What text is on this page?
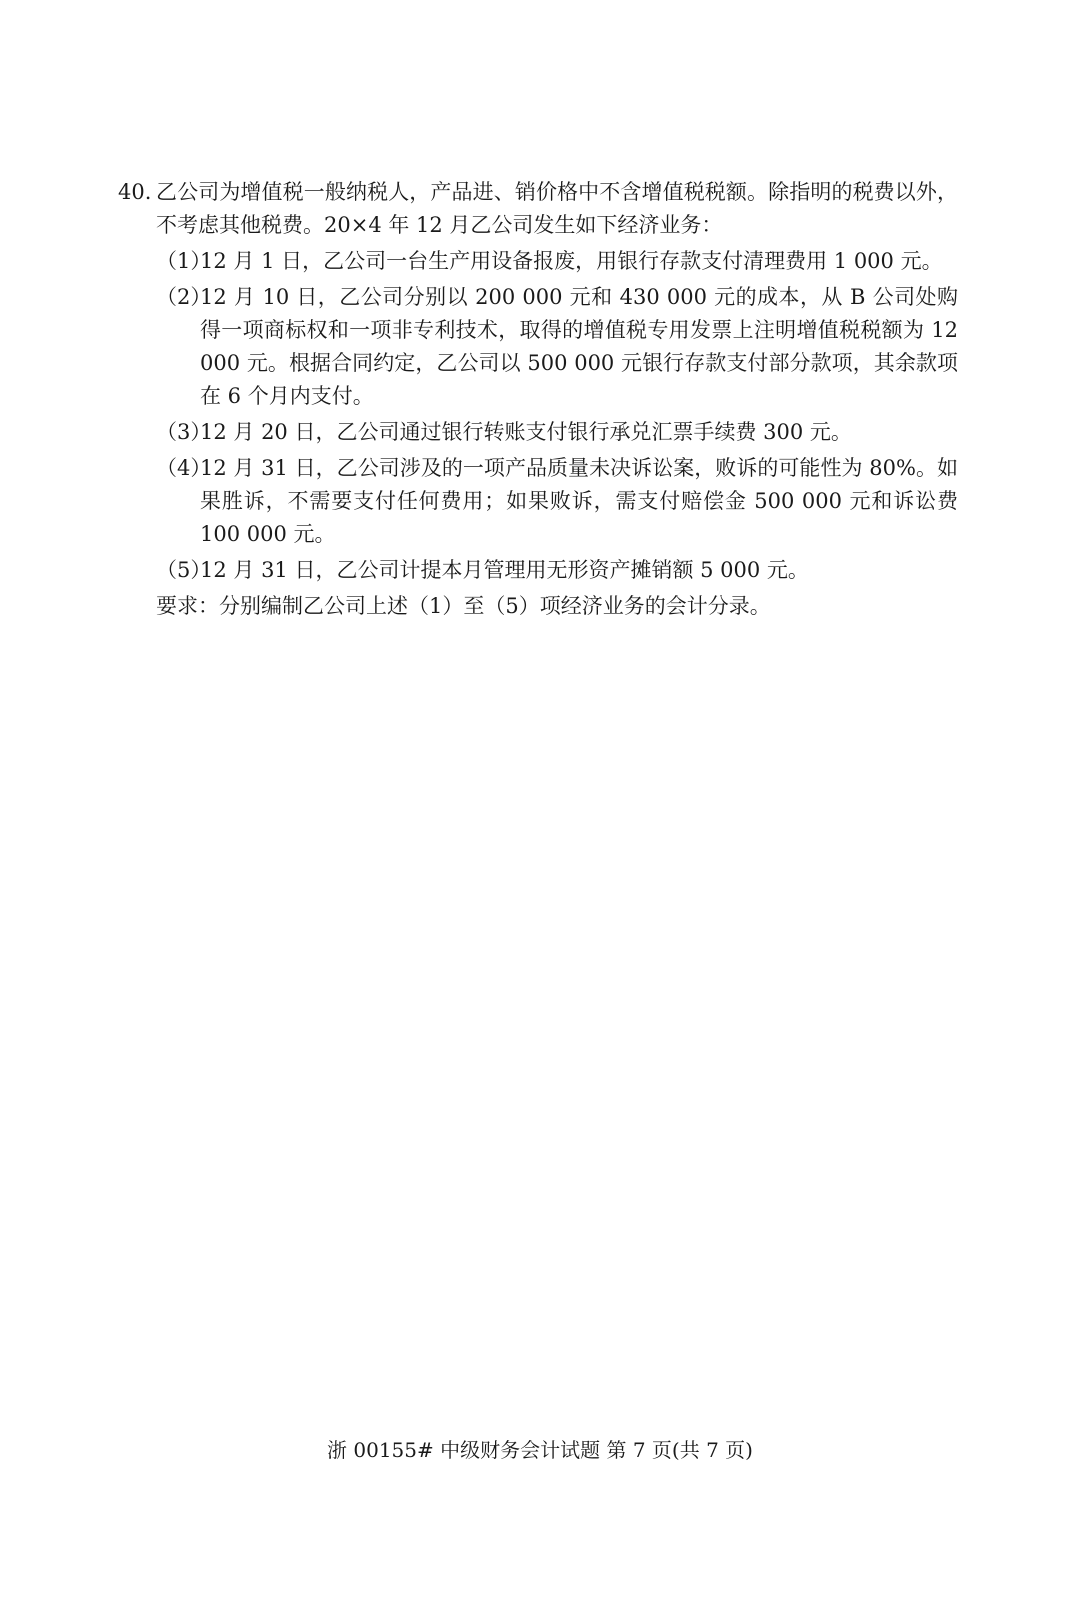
40. 乙公司为增值税一般纳税人，产品进、销价格中不含增值税税额。除指明的税费以外，不考虑其他税费。20×4 年 12 月乙公司发生如下经济业务：
（1）
12 月 1 日，乙公司一台生产用设备报废，用银行存款支付清理费用 1 000 元。
（2）
12 月 10 日，乙公司分别以 200 000 元和 430 000 元的成本，从 B 公司处购得一项商标权和一项非专利技术，取得的增值税专用发票上注明增值税税额为 12 000 元。根据合同约定，乙公司以 500 000 元银行存款支付部分款项，其余款项在 6 个月内支付。
（3）
12 月 20 日，乙公司通过银行转账支付银行承兑汇票手续费 300 元。
（4）
12 月 31 日，乙公司涉及的一项产品质量未决诉讼案，败诉的可能性为 80%。如果胜诉，不需要支付任何费用；如果败诉，需支付赔偿金 500 000 元和诉讼费 100 000 元。
（5）
12 月 31 日，乙公司计提本月管理用无形资产摊销额 5 000 元。
要求：分别编制乙公司上述（1）至（5）项经济业务的会计分录。
浙 00155# 中级财务会计试题 第 7 页(共 7 页)
